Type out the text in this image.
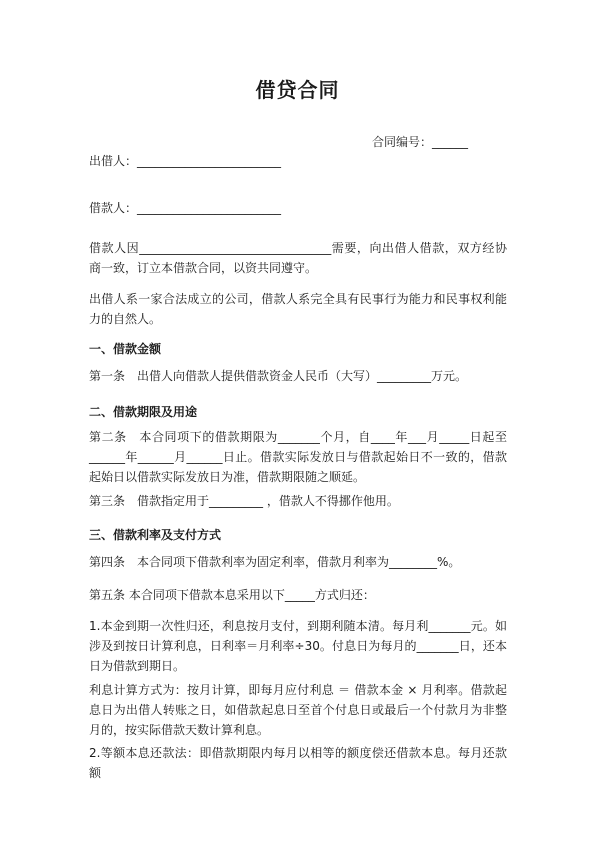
借贷合同
合同编号：______
出借人：________________________
借款人：________________________
借款人因________________________________需要，向出借人借款，双方经协商一致，订立本借款合同，以资共同遵守。
出借人系一家合法成立的公司，借款人系完全具有民事行为能力和民事权利能力的自然人。
一、借款金额
第一条　出借人向借款人提供借款资金人民币（大写）_________万元。
二、借款期限及用途
第二条　本合同项下的借款期限为_______个月，自____年___月_____日起至______年______月______日止。借款实际发放日与借款起始日不一致的，借款起始日以借款实际发放日为准，借款期限随之顺延。
第三条　借款指定用于_________ ，借款人不得挪作他用。
三、借款利率及支付方式
第四条　本合同项下借款利率为固定利率，借款月利率为________%。
第五条 本合同项下借款本息采用以下_____方式归还：
1.本金到期一次性归还，利息按月支付，到期利随本清。每月利_______元。如涉及到按日计算利息，日利率＝月利率÷30。付息日为每月的_______日，还本日为借款到期日。
利息计算方式为：按月计算，即每月应付利息 ＝ 借款本金 × 月利率。借款起息日为出借人转账之日，如借款起息日至首个付息日或最后一个付款月为非整月的，按实际借款天数计算利息。
2.等额本息还款法：即借款期限内每月以相等的额度偿还借款本息。每月还款额
